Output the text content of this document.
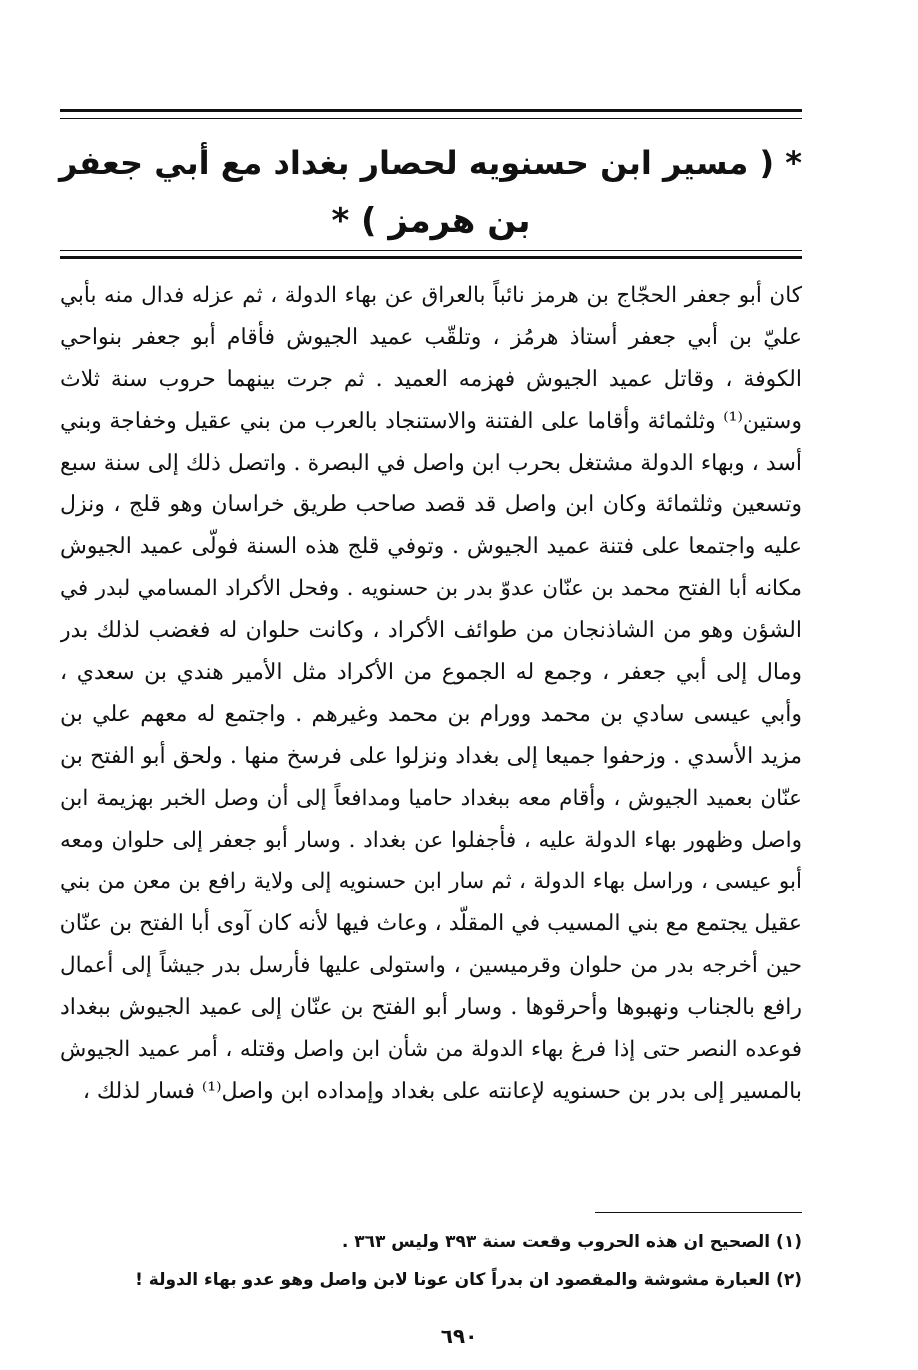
* ( مسير ابن حسنويه لحصار بغداد مع أبي جعفر
بن هرمز ) *
كان أبو جعفر الحجّاج بن هرمز نائباً بالعراق عن بهاء الدولة ، ثم عزله فدال منه بأبي
عليّ بن أبي جعفر أستاذ هرمُز ، وتلقّب عميد الجيوش فأقام أبو جعفر بنواحي
الكوفة ، وقاتل عميد الجيوش فهزمه العميد . ثم جرت بينهما حروب سنة ثلاث
وستين⁽¹⁾ وثلثمائة وأقاما على الفتنة والاستنجاد بالعرب من بني عقيل وخفاجة وبني
أسد ، وبهاء الدولة مشتغل بحرب ابن واصل في البصرة . واتصل ذلك إلى سنة سبع
وتسعين وثلثمائة وكان ابن واصل قد قصد صاحب طريق خراسان وهو قلج ، ونزل
عليه واجتمعا على فتنة عميد الجيوش . وتوفي قلج هذه السنة فولّى عميد الجيوش
مكانه أبا الفتح محمد بن عنّان عدوّ بدر بن حسنويه . وفحل الأكراد المسامي لبدر في
الشؤن وهو من الشاذنجان من طوائف الأكراد ، وكانت حلوان له فغضب لذلك بدر
ومال إلى أبي جعفر ، وجمع له الجموع من الأكراد مثل الأمير هندي بن سعدي ،
وأبي عيسى سادي بن محمد وورام بن محمد وغيرهم . واجتمع له معهم علي بن
مزيد الأسدي . وزحفوا جميعا إلى بغداد ونزلوا على فرسخ منها . ولحق أبو الفتح بن
عنّان بعميد الجيوش ، وأقام معه ببغداد حاميا ومدافعاً إلى أن وصل الخبر بهزيمة ابن
واصل وظهور بهاء الدولة عليه ، فأجفلوا عن بغداد . وسار أبو جعفر إلى حلوان ومعه
أبو عيسى ، وراسل بهاء الدولة ، ثم سار ابن حسنويه إلى ولاية رافع بن معن من بني
عقيل يجتمع مع بني المسيب في المقلّد ، وعاث فيها لأنه كان آوى أبا الفتح بن عنّان
حين أخرجه بدر من حلوان وقرميسين ، واستولى عليها فأرسل بدر جيشاً إلى أعمال
رافع بالجناب ونهبوها وأحرقوها . وسار أبو الفتح بن عنّان إلى عميد الجيوش ببغداد
فوعده النصر حتى إذا فرغ بهاء الدولة من شأن ابن واصل وقتله ، أمر عميد الجيوش
بالمسير إلى بدر بن حسنويه لإعانته على بغداد وإمداده ابن واصل⁽¹⁾ فسار لذلك ،
(١) الصحيح ان هذه الحروب وقعت سنة ٣٩٣ وليس ٣٦٣ .
(٢) العبارة مشوشة والمقصود ان بدراً كان عونا لابن واصل وهو عدو بهاء الدولة !
٦٩٠
